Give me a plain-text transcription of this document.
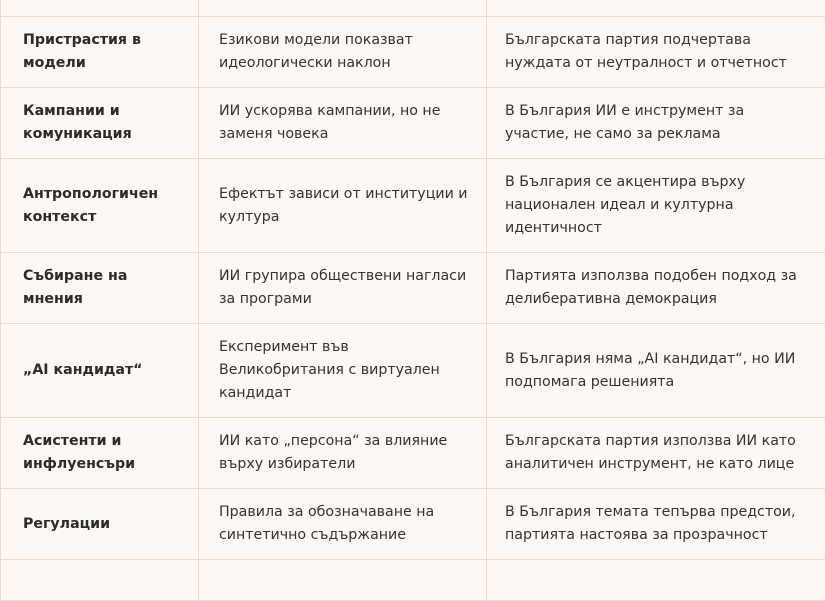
Пристрастия в модели	Езикови модели показват идеологически наклон	Българската партия подчертава нуждата от неутралност и отчетност
Кампании и комуникация	ИИ ускорява кампании, но не заменя човека	В България ИИ е инструмент за участие, не само за реклама
Антропологичен контекст	Ефектът зависи от институции и култура	В България се акцентира върху национален идеал и културна идентичност
Събиране на мнения	ИИ групира обществени нагласи за програми	Партията използва подобен подход за делиберативна демокрация
„AI кандидат“	Експеримент във Великобритания с виртуален кандидат	В България няма „AI кандидат“, но ИИ подпомага решенията
Асистенти и инфлуенсъри	ИИ като „персона“ за влияние върху избиратели	Българската партия използва ИИ като аналитичен инструмент, не като лице
Регулации	Правила за обозначаване на синтетично съдържание	В България темата тепърва предстои, партията настоява за прозрачност
